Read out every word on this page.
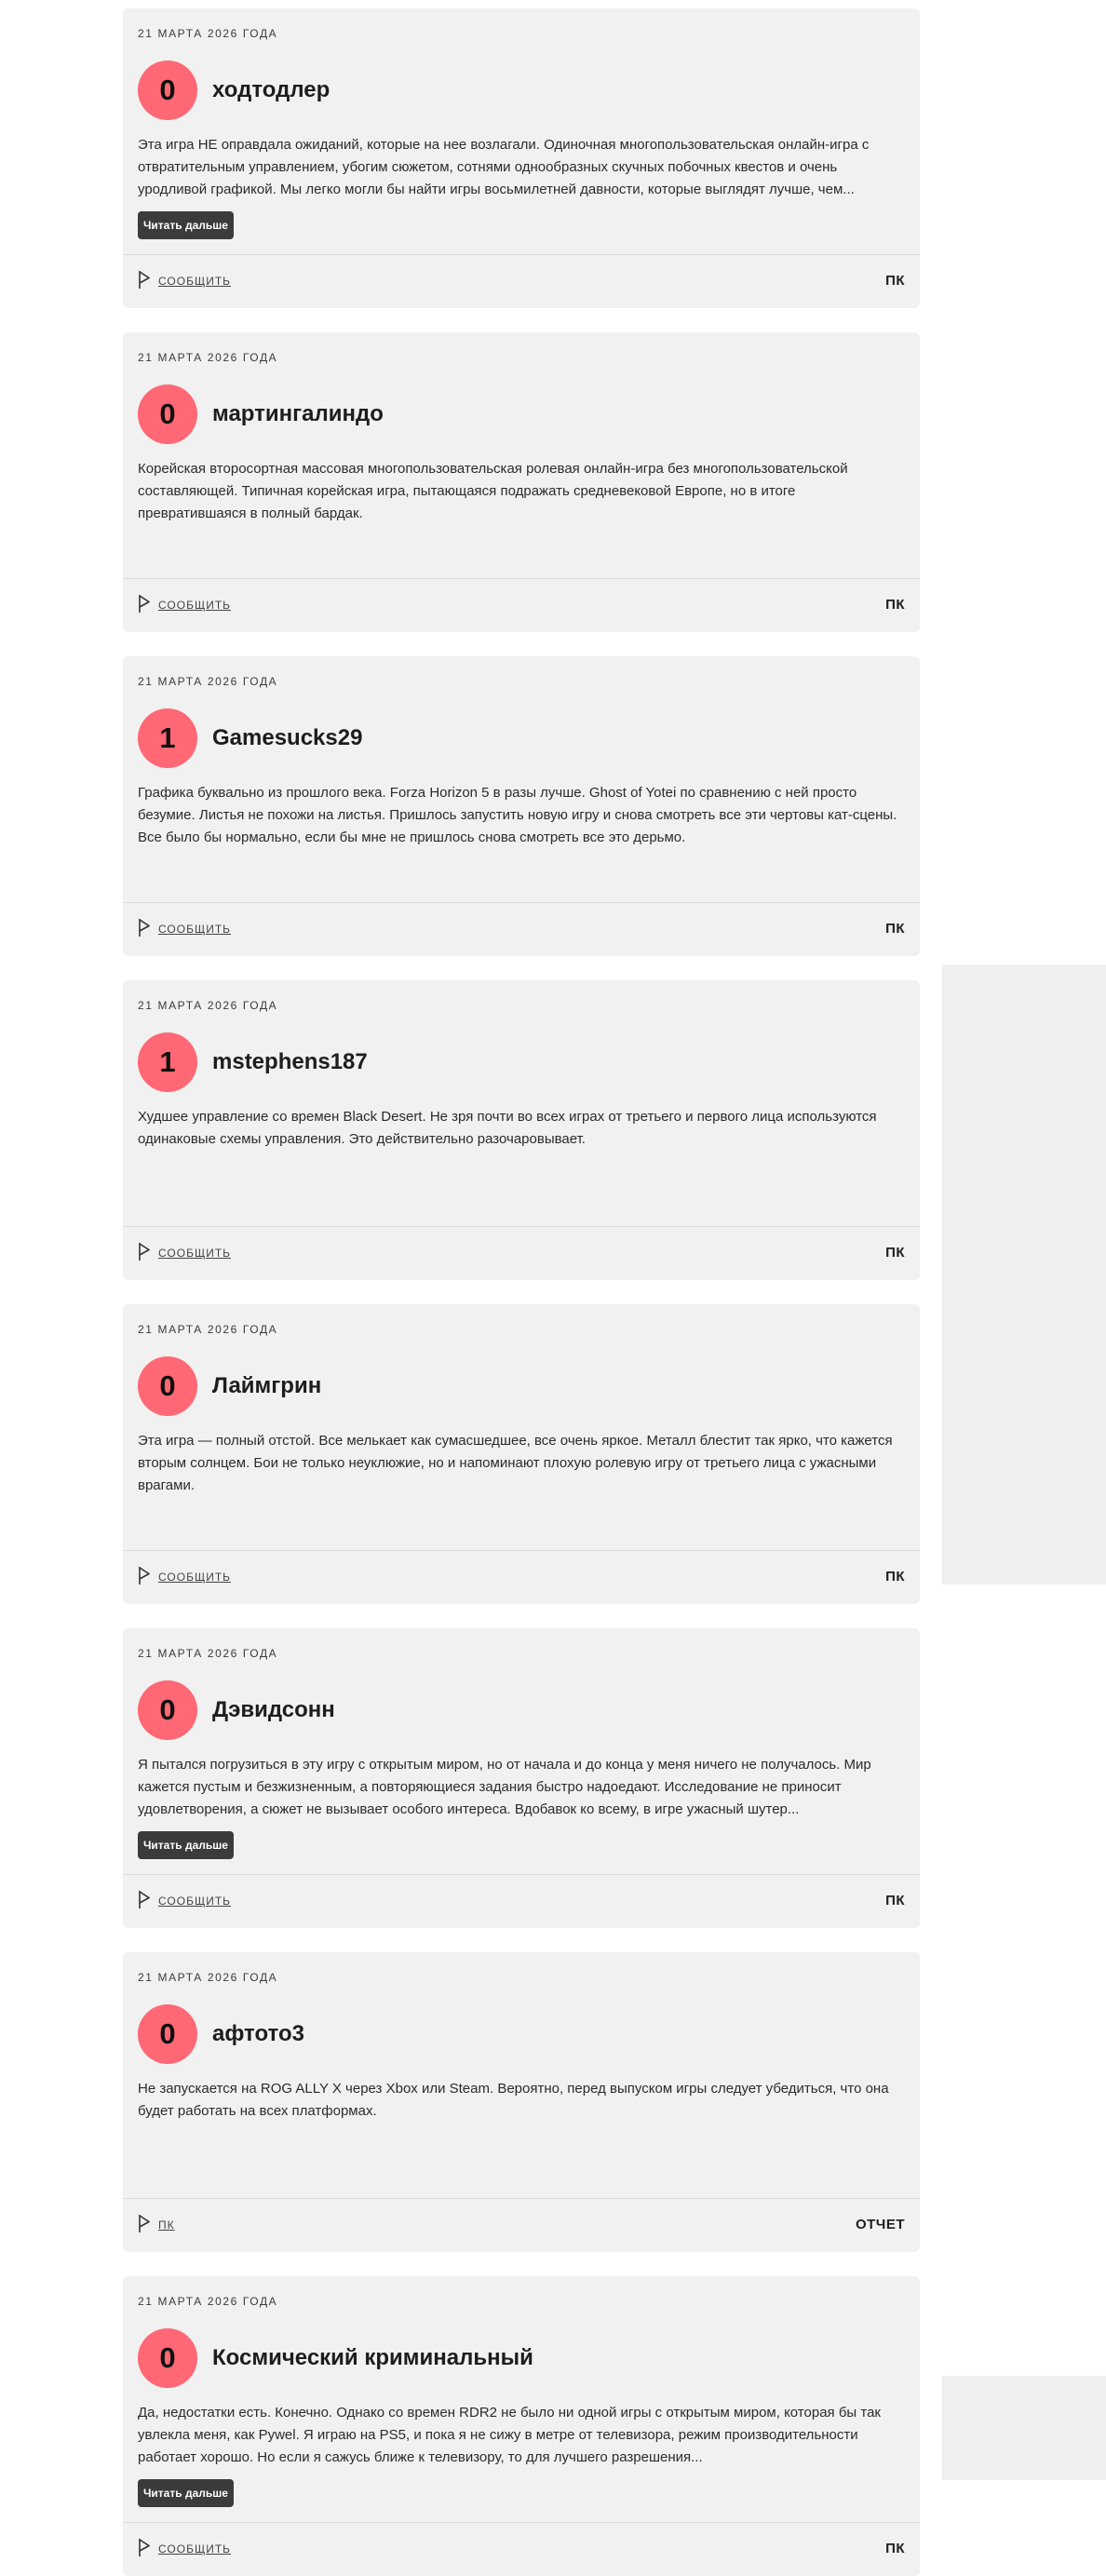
21 МАРТА 2026 ГОДА
0	ходтодлер
Эта игра НЕ оправдала ожиданий, которые на нее возлагали. Одиночная многопользовательская онлайн-игра с отвратительным управлением, убогим сюжетом, сотнями однообразных скучных побочных квестов и очень уродливой графикой. Мы легко могли бы найти игры восьмилетней давности, которые выглядят лучше, чем...
Читать дальше
СООБЩИТЬ	ПК
21 МАРТА 2026 ГОДА
0	мартингалиндо
Корейская второсортная массовая многопользовательская ролевая онлайн-игра без многопользовательской составляющей. Типичная корейская игра, пытающаяся подражать средневековой Европе, но в итоге превратившаяся в полный бардак.
СООБЩИТЬ	ПК
21 МАРТА 2026 ГОДА
1	Gamesucks29
Графика буквально из прошлого века. Forza Horizon 5 в разы лучше. Ghost of Yotei по сравнению с ней просто безумие. Листья не похожи на листья. Пришлось запустить новую игру и снова смотреть все эти чертовы кат-сцены. Все было бы нормально, если бы мне не пришлось снова смотреть все это дерьмо.
СООБЩИТЬ	ПК
21 МАРТА 2026 ГОДА
1	mstephens187
Худшее управление со времен Black Desert. Не зря почти во всех играх от третьего и первого лица используются одинаковые схемы управления. Это действительно разочаровывает.
СООБЩИТЬ	ПК
21 МАРТА 2026 ГОДА
0	Лаймгрин
Эта игра — полный отстой. Все мелькает как сумасшедшее, все очень яркое. Металл блестит так ярко, что кажется вторым солнцем. Бои не только неуклюжие, но и напоминают плохую ролевую игру от третьего лица с ужасными врагами.
СООБЩИТЬ	ПК
21 МАРТА 2026 ГОДА
0	Дэвидсонн
Я пытался погрузиться в эту игру с открытым миром, но от начала и до конца у меня ничего не получалось. Мир кажется пустым и безжизненным, а повторяющиеся задания быстро надоедают. Исследование не приносит удовлетворения, а сюжет не вызывает особого интереса. Вдобавок ко всему, в игре ужасный шутер...
Читать дальше
СООБЩИТЬ	ПК
21 МАРТА 2026 ГОДА
0	афтото3
Не запускается на ROG ALLY X через Xbox или Steam. Вероятно, перед выпуском игры следует убедиться, что она будет работать на всех платформах.
ПК	ОТЧЕТ
21 МАРТА 2026 ГОДА
0	Космический криминальный
Да, недостатки есть. Конечно. Однако со времен RDR2 не было ни одной игры с открытым миром, которая бы так увлекла меня, как Pywel. Я играю на PS5, и пока я не сижу в метре от телевизора, режим производительности работает хорошо. Но если я сажусь ближе к телевизору, то для лучшего разрешения...
Читать дальше
СООБЩИТЬ	ПК
